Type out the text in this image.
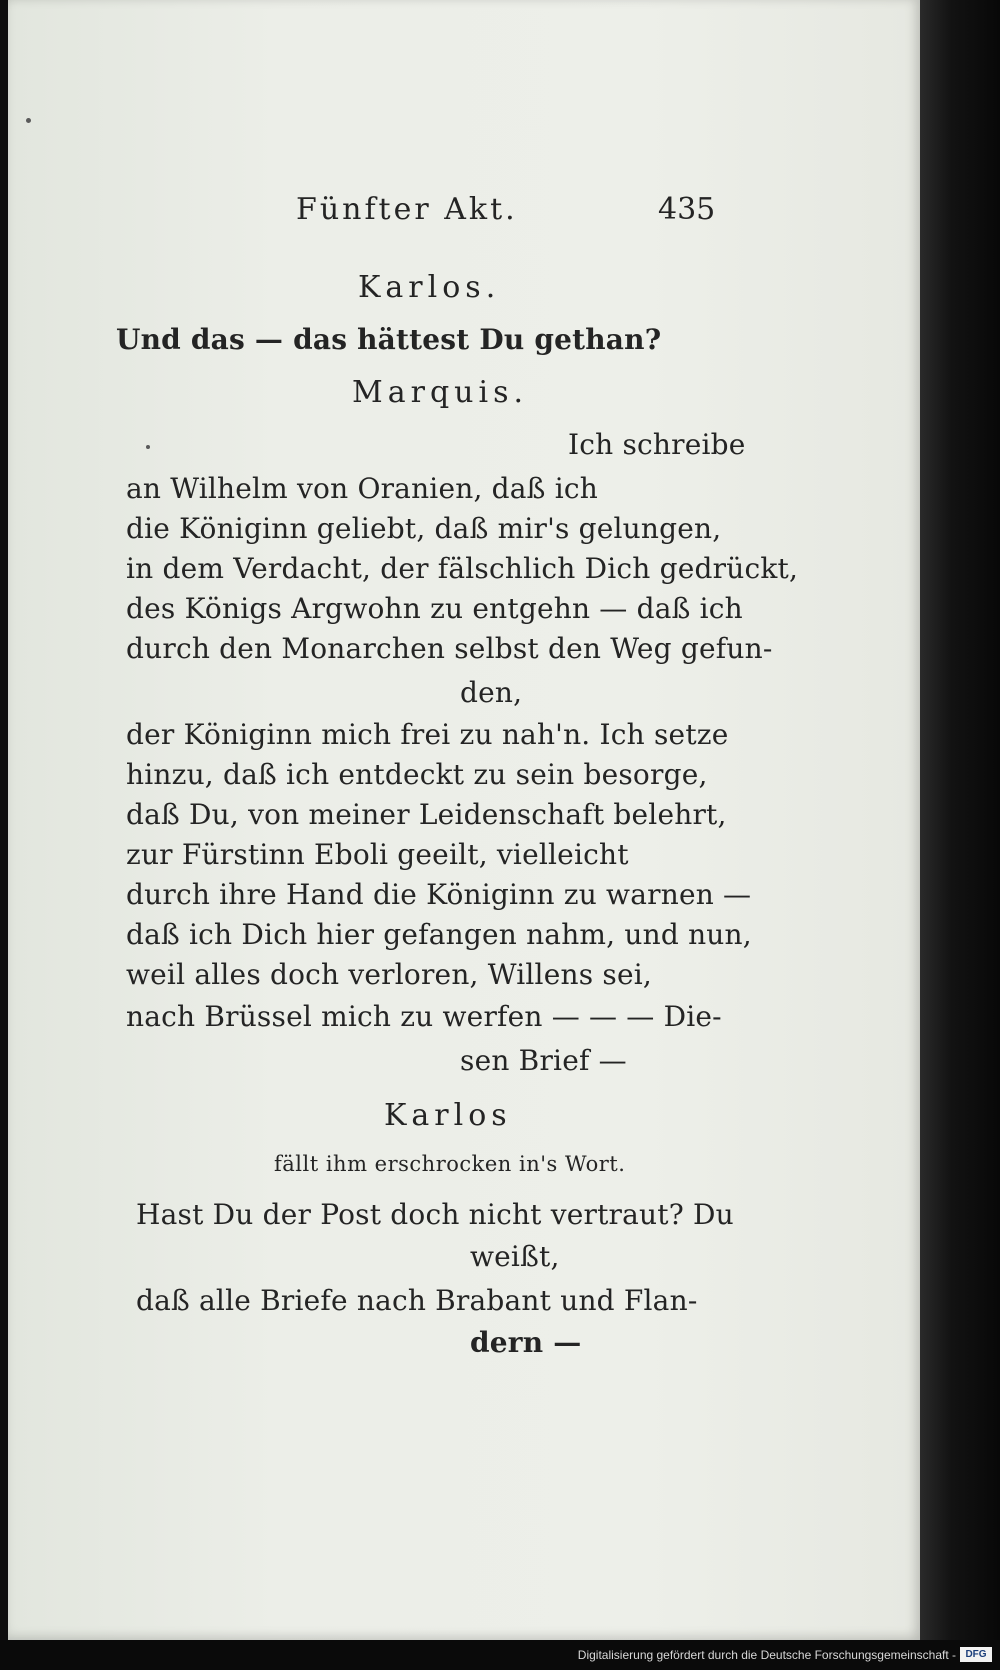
Fünfter Akt.	435
Karlos.
Und das — das hättest Du gethan?
Marquis.
Ich schreibe
an Wilhelm von Oranien, daß ich
die Königinn geliebt, daß mir's gelungen,
in dem Verdacht, der fälschlich Dich gedrückt,
des Königs Argwohn zu entgehn — daß ich
durch den Monarchen selbst den Weg gefun-
den,
der Königinn mich frei zu nah'n. Ich setze
hinzu, daß ich entdeckt zu sein besorge,
daß Du, von meiner Leidenschaft belehrt,
zur Fürstinn Eboli geeilt, vielleicht
durch ihre Hand die Königinn zu warnen —
daß ich Dich hier gefangen nahm, und nun,
weil alles doch verloren, Willens sei,
nach Brüssel mich zu werfen — — — Die-
sen Brief —
Karlos
fällt ihm erschrocken in's Wort.
Hast Du der Post doch nicht vertraut? Du
weißt,
daß alle Briefe nach Brabant und Flan-
dern —
Digitalisierung gefördert durch die Deutsche Forschungsgemeinschaft - DFG
